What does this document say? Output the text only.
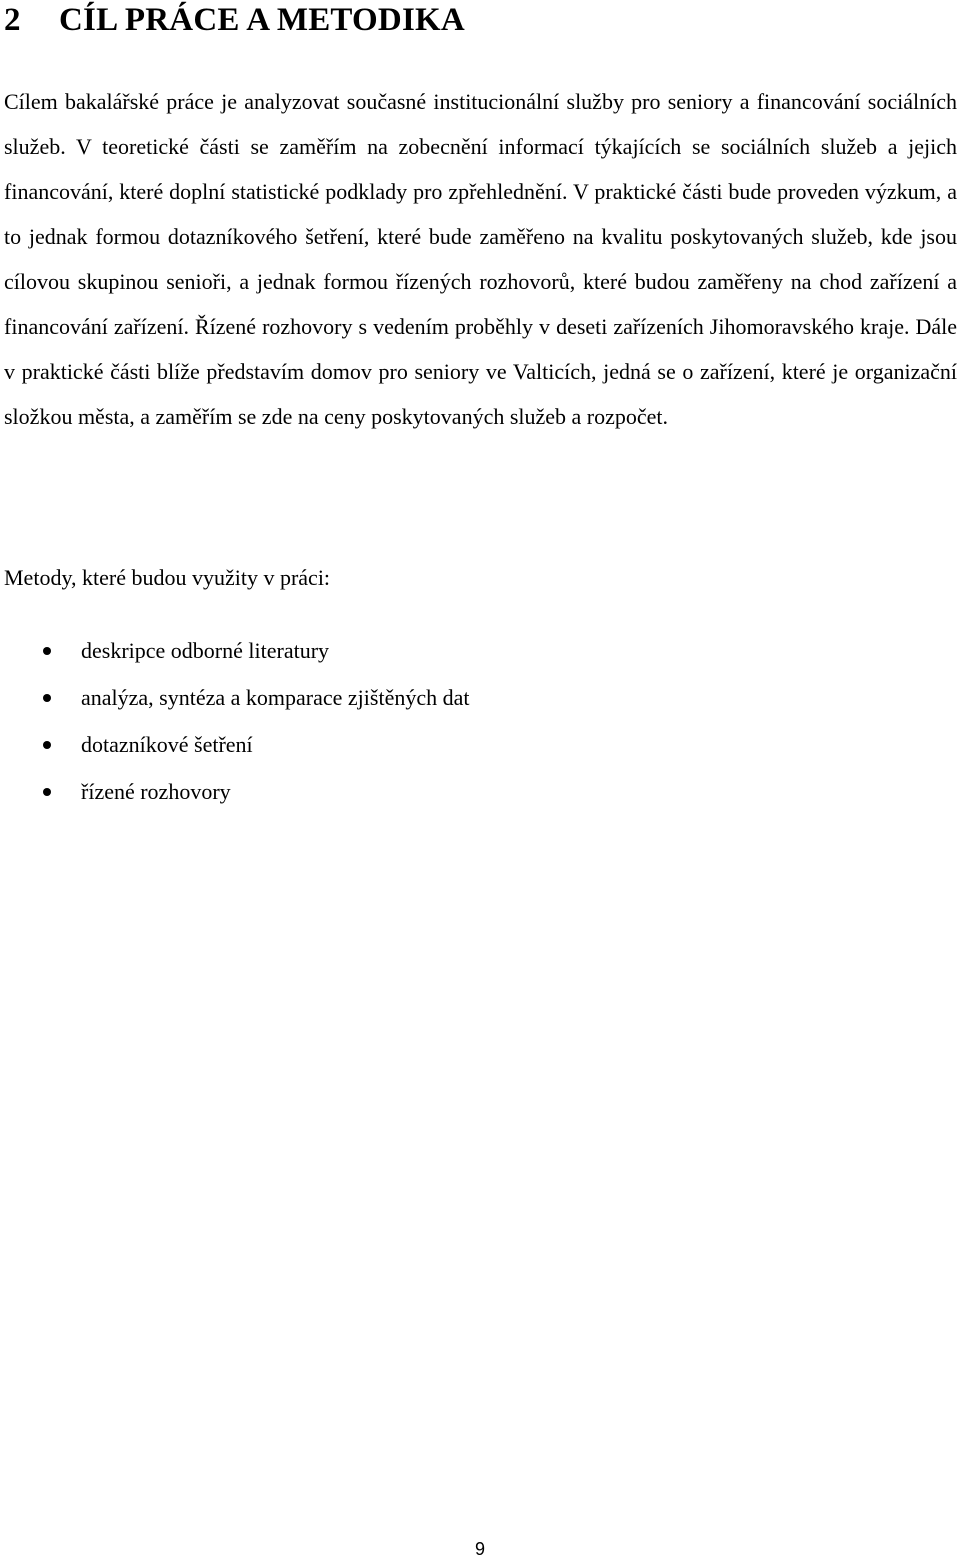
2 CÍL PRÁCE A METODIKA

Cílem bakalářské práce je analyzovat současné institucionální služby pro seniory a financování sociálních služeb. V teoretické části se zaměřím na zobecnění informací týkajících se sociálních služeb a jejich financování, které doplní statistické podklady pro zpřehlednění. V praktické části bude proveden výzkum, a to jednak formou dotazníkového šetření, které bude zaměřeno na kvalitu poskytovaných služeb, kde jsou cílovou skupinou senioři, a jednak formou řízených rozhovorů, které budou zaměřeny na chod zařízení a financování zařízení. Řízené rozhovory s vedením proběhly v deseti zařízeních Jihomoravského kraje. Dále v praktické části blíže představím domov pro seniory ve Valticích, jedná se o zařízení, které je organizační složkou města, a zaměřím se zde na ceny poskytovaných služeb a rozpočet.

Metody, které budou využity v práci:

deskripce odborné literatury
analýza, syntéza a komparace zjištěných dat
dotazníkové šetření
řízené rozhovory
9
